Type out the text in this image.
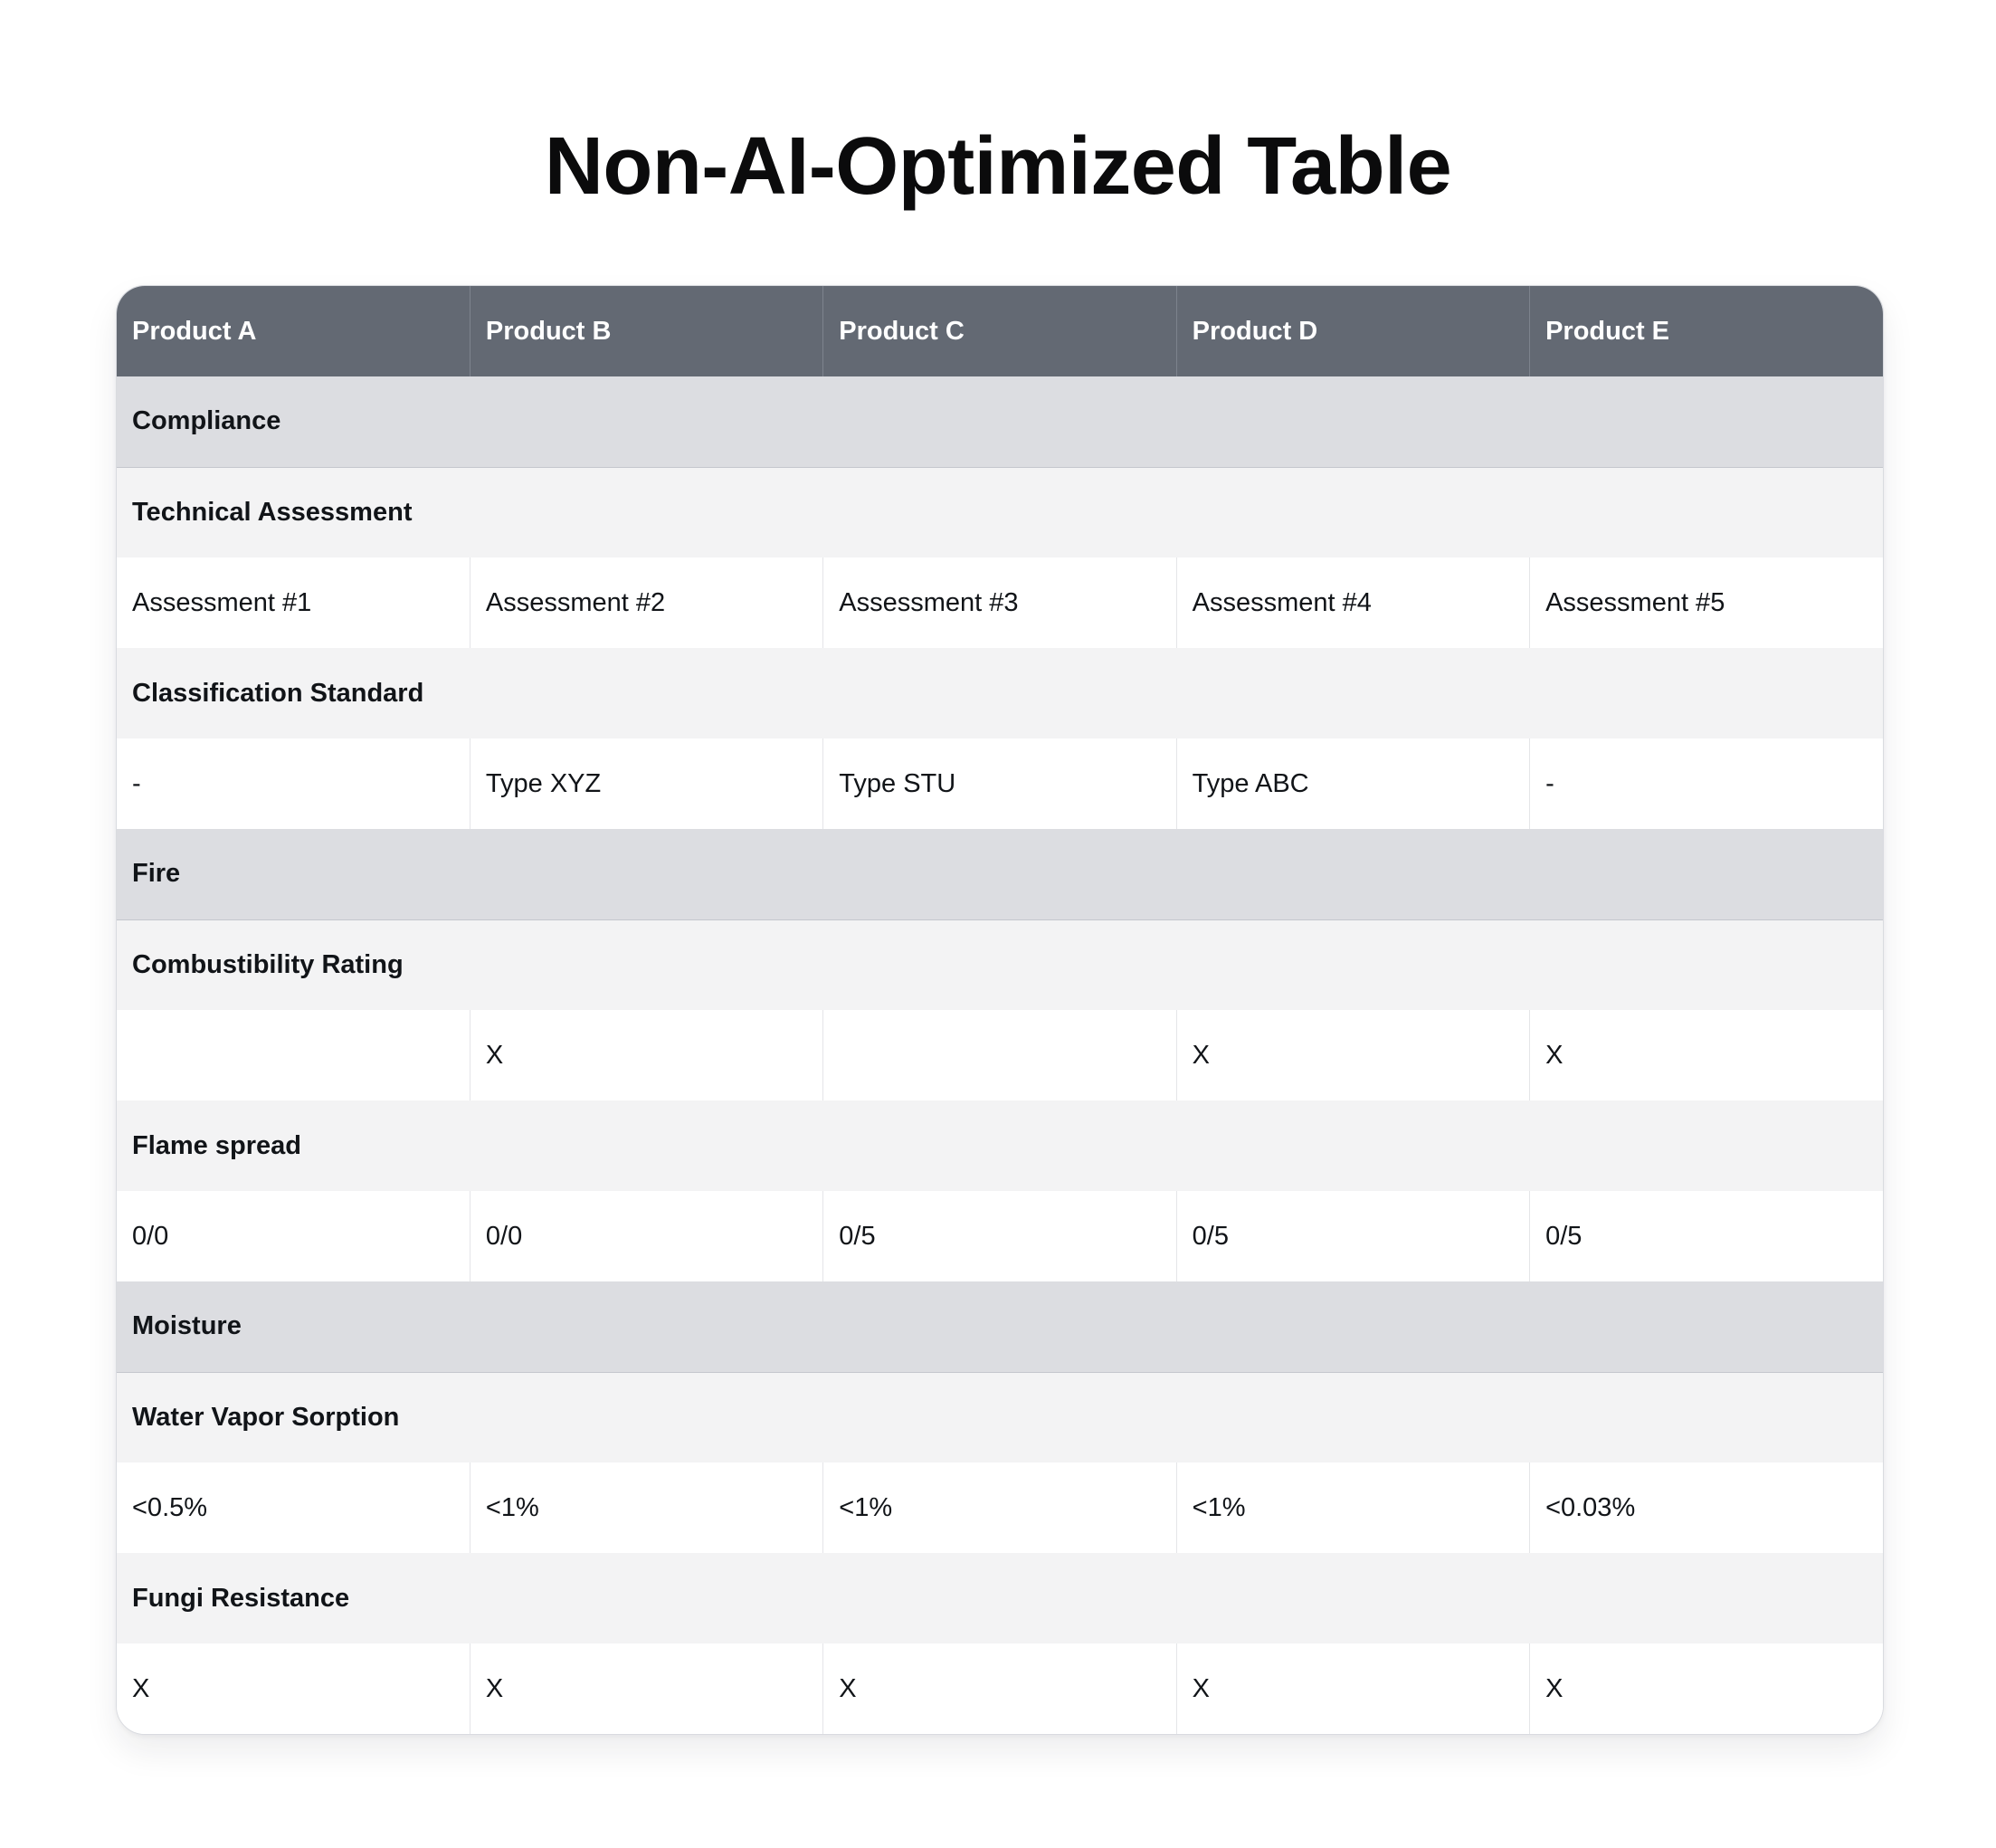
Non-AI-Optimized Table
Product A	Product B	Product C	Product D	Product E
Compliance				
Technical Assessment				
Assessment #1	Assessment #2	Assessment #3	Assessment #4	Assessment #5
Classification Standard				
-	Type XYZ	Type STU	Type ABC	-
Fire				
Combustibility Rating				
	X		X	X
Flame spread				
0/0	0/0	0/5	0/5	0/5
Moisture				
Water Vapor Sorption				
<0.5%	<1%	<1%	<1%	<0.03%
Fungi Resistance				
X	X	X	X	X
